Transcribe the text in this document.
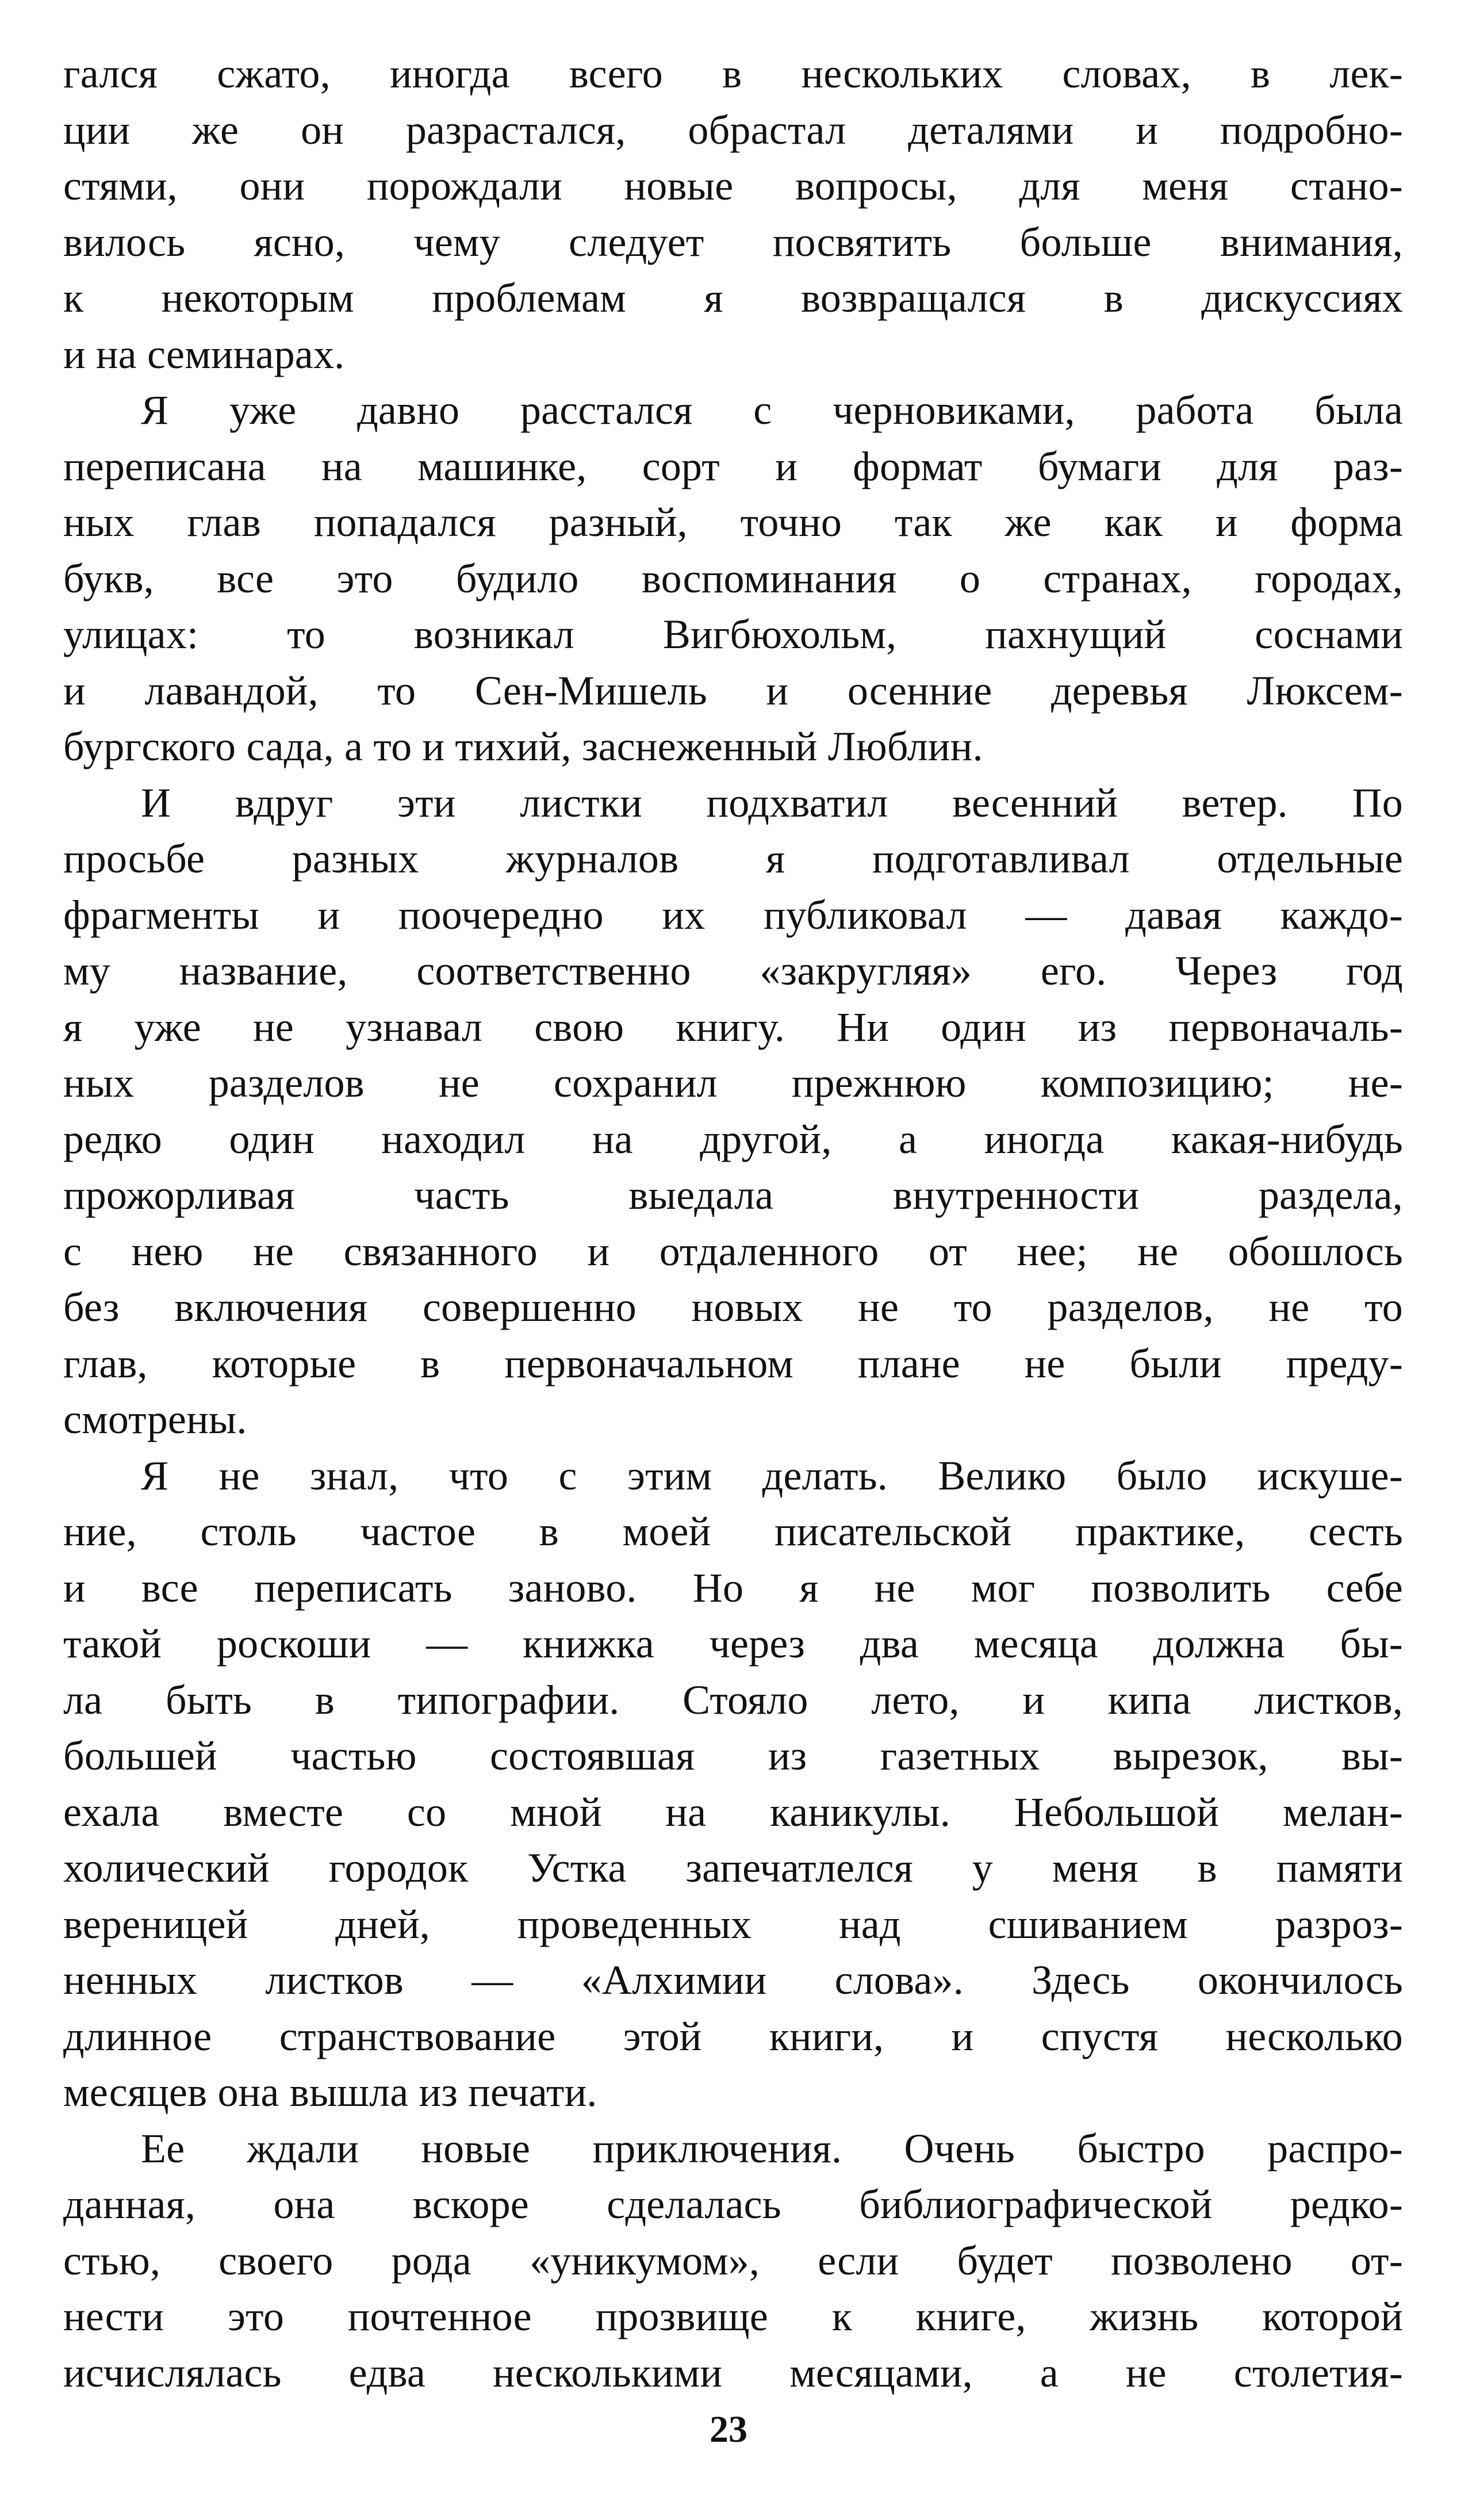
гался сжато, иногда всего в нескольких словах, в лек-
ции же он разрастался, обрастал деталями и подробно-
стями, они порождали новые вопросы, для меня стано-
вилось ясно, чему следует посвятить больше внимания,
к некоторым проблемам я возвращался в дискуссиях
и на семинарах.
Я уже давно расстался с черновиками, работа была
переписана на машинке, сорт и формат бумаги для раз-
ных глав попадался разный, точно так же как и форма
букв, все это будило воспоминания о странах, городах,
улицах: то возникал Вигбюхольм, пахнущий соснами
и лавандой, то Сен-Мишель и осенние деревья Люксем-
бургского сада, а то и тихий, заснеженный Люблин.
И вдруг эти листки подхватил весенний ветер. По
просьбе разных журналов я подготавливал отдельные
фрагменты и поочередно их публиковал — давая каждо-
му название, соответственно «закругляя» его. Через год
я уже не узнавал свою книгу. Ни один из первоначаль-
ных разделов не сохранил прежнюю композицию; не-
редко один находил на другой, а иногда какая-нибудь
прожорливая часть выедала внутренности раздела,
с нею не связанного и отдаленного от нее; не обошлось
без включения совершенно новых не то разделов, не то
глав, которые в первоначальном плане не были преду-
смотрены.
Я не знал, что с этим делать. Велико было искуше-
ние, столь частое в моей писательской практике, сесть
и все переписать заново. Но я не мог позволить себе
такой роскоши — книжка через два месяца должна бы-
ла быть в типографии. Стояло лето, и кипа листков,
большей частью состоявшая из газетных вырезок, вы-
ехала вместе со мной на каникулы. Небольшой мелан-
холический городок Устка запечатлелся у меня в памяти
вереницей дней, проведенных над сшиванием разроз-
ненных листков — «Алхимии слова». Здесь окончилось
длинное странствование этой книги, и спустя несколько
месяцев она вышла из печати.
Ее ждали новые приключения. Очень быстро распро-
данная, она вскоре сделалась библиографической редко-
стью, своего рода «уникумом», если будет позволено от-
нести это почтенное прозвище к книге, жизнь которой
исчислялась едва несколькими месяцами, а не столетия-
23
